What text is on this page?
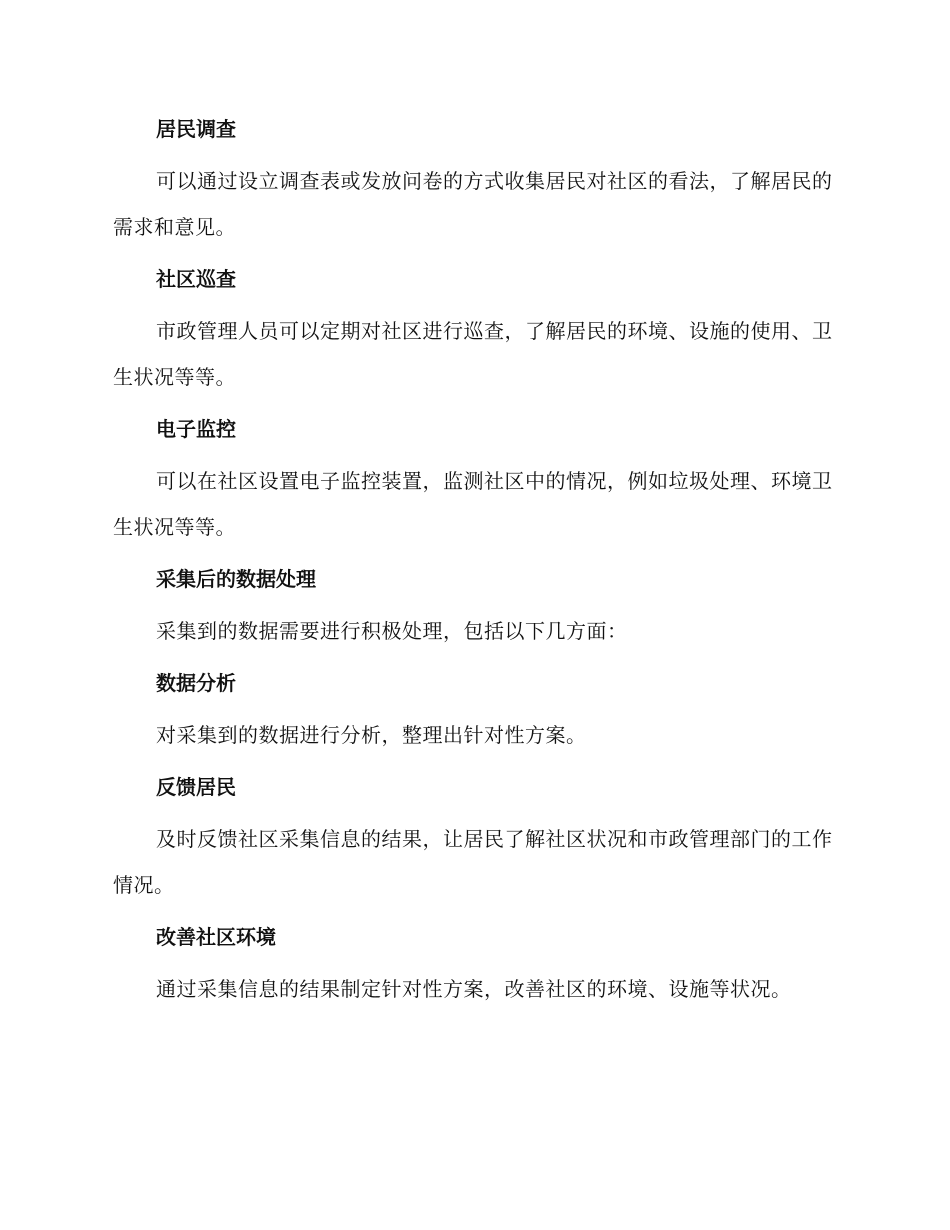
居民调查
可以通过设立调查表或发放问卷的方式收集居民对社区的看法，了解居民的需求和意见。
社区巡查
市政管理人员可以定期对社区进行巡查，了解居民的环境、设施的使用、卫生状况等等。
电子监控
可以在社区设置电子监控装置，监测社区中的情况，例如垃圾处理、环境卫生状况等等。
采集后的数据处理
采集到的数据需要进行积极处理，包括以下几方面：
数据分析
对采集到的数据进行分析，整理出针对性方案。
反馈居民
及时反馈社区采集信息的结果，让居民了解社区状况和市政管理部门的工作情况。
改善社区环境
通过采集信息的结果制定针对性方案，改善社区的环境、设施等状况。
